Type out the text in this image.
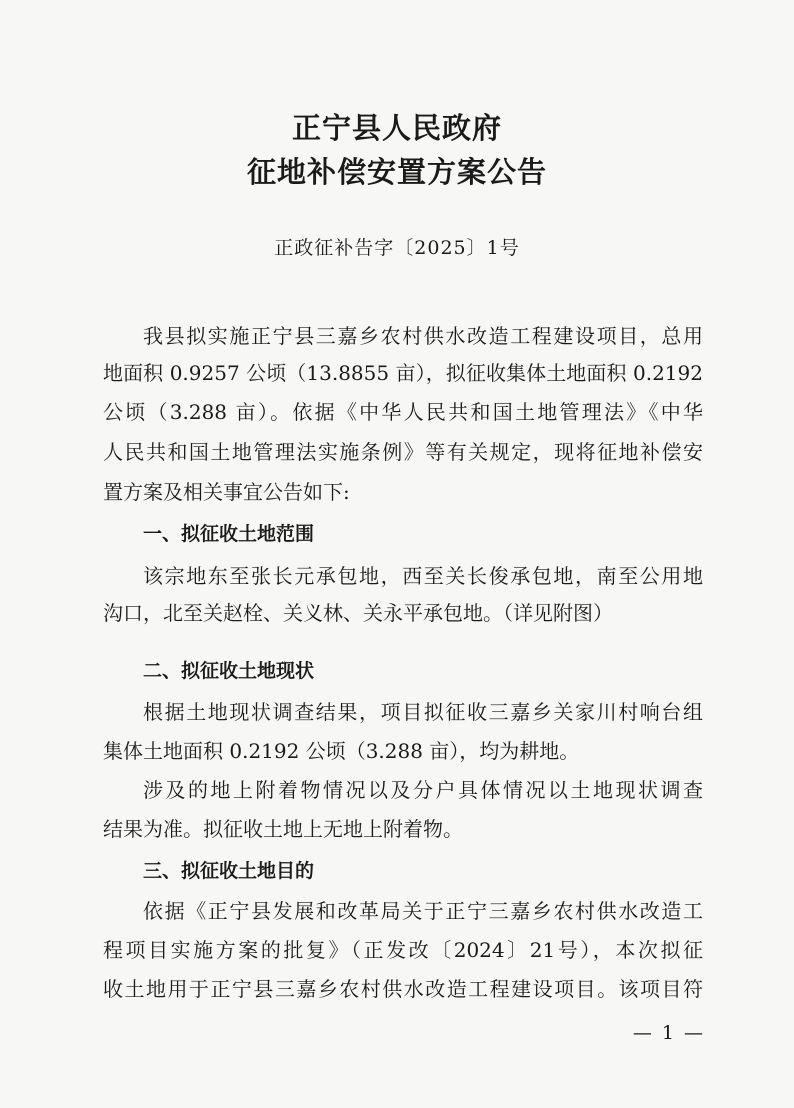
正宁县人民政府
征地补偿安置方案公告
正政征补告字〔2025〕1号
我县拟实施正宁县三嘉乡农村供水改造工程建设项目，总用
地面积 0.9257 公顷（13.8855 亩），拟征收集体土地面积 0.2192
公顷（3.288 亩）。依据《中华人民共和国土地管理法》《中华
人民共和国土地管理法实施条例》等有关规定，现将征地补偿安
置方案及相关事宜公告如下:
一、拟征收土地范围
该宗地东至张长元承包地，西至关长俊承包地，南至公用地
沟口，北至关赵栓、关义林、关永平承包地。（详见附图）
二、拟征收土地现状
根据土地现状调查结果，项目拟征收三嘉乡关家川村响台组
集体土地面积 0.2192 公顷（3.288 亩），均为耕地。
涉及的地上附着物情况以及分户具体情况以土地现状调查
结果为准。拟征收土地上无地上附着物。
三、拟征收土地目的
依据《正宁县发展和改革局关于正宁三嘉乡农村供水改造工
程项目实施方案的批复》（正发改〔2024〕21号），本次拟征
收土地用于正宁县三嘉乡农村供水改造工程建设项目。该项目符
— 1 —
